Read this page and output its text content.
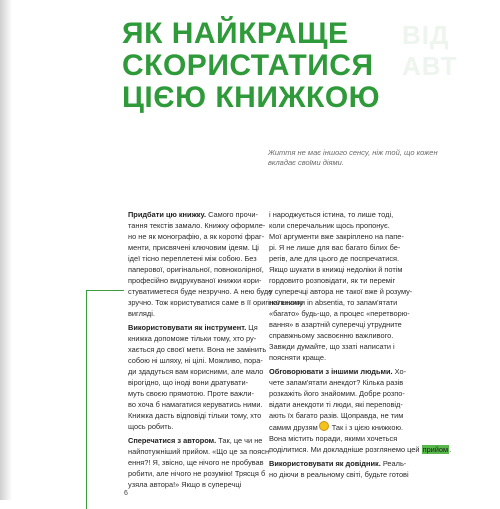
ВІД АВТ
ЯК НАЙКРАЩЕ
СКОРИСТАТИСЯ
ЦІЄЮ КНИЖКОЮ
Життя не має іншого сенсу, ніж той, що кожен
вкладає своїми діями.
Придбати цю книжку. Самого прочи-
тання текстів замало. Книжку оформле-
но не як монографію, а як короткі фраг-
менти, присвячені ключовим ідеям. Ці
ідеї тісно переплетені між собою. Без
паперової, оригінальної, повноколірної,
професійно видрукуваної книжки кори-
стуватиметеся буде незручно. А нею буде
зручно. Тож користуватися саме в її оригінальному
вигляді.
Використовувати як інструмент. Ця
книжка допоможе тільки тому, хто ру-
хається до своєї мети. Вона не замінить
собою ні шляху, ні цілі. Можливо, пора-
ди здадуться вам корисними, але мало
вірогідно, що іноді вони дратувати-
муть своєю прямотою. Проте важли-
во хоча б намагатися керуватись ними.
Книжка дасть відповіді тільки тому, хто
щось робить.
Сперечатися з автором. Так, це чи не
найпотужніший прийом. «Що це за поясн-
ення?! Я, звісно, ще нічого не пробував
робити, але нічого не розумію! Трясця б
узяла автора!» Якщо в суперечці
і народжується істина, то лише тоді,
коли сперечальник щось пропонує.
Мої аргументи вже закріплено на папе-
рі. Я не лише для вас багато білих бе-
регів, але для цього де поспречатися.
Якщо шукати в книжці недоліки й потім
гордовито розповідати, як ти переміг
у суперечці автора не такої вже й розуму-
ної книжки in absentia, то запам'ятати
«багато» будь-що, а процес «перетворю-
вання» в азартній суперечці утрудните
справжньому засвоєнню важливого.
Завжди думайте, що ззаті написати і
поясняти краще.
Обговорювати з іншими людьми. Хо-
чете запам'ятати анекдот? Кілька разів
розкажіть його знайомим. Добре розпо-
відати анекдоти ті люди, які переповід-
ають їх багато разів. Щопрaвда, не тим
самим друзям Так і з цією книжкою.
Вона містить поради, якими хочеться
поділитися. Ми докладніше розглянемо цей прийом.
Використовувати як довідник. Реаль-
но діючи в реальному світі, будьте готові
6
